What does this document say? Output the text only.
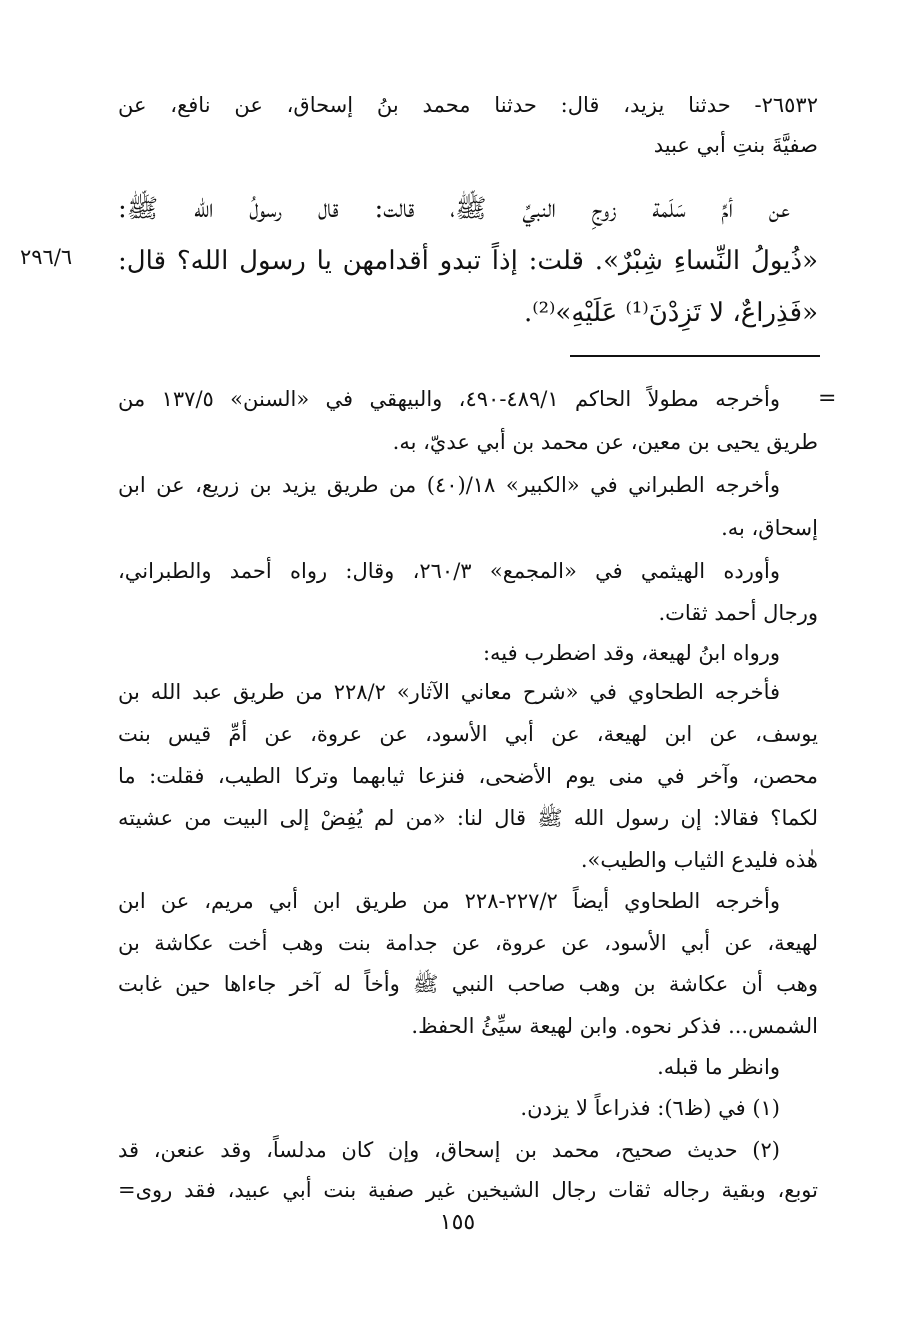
٢٦٥٣٢- حدثنا يزيد، قال: حدثنا محمد بنُ إسحاق، عن نافع، عن
صفيَّةَ بنتِ أبي عبيد
عن أمِّ سَلَمة زوجِ النبيِّ ﷺ، قالت: قال رسولُ الله ﷺ:
«ذُيولُ النِّساءِ شِبْرٌ». قلت: إذاً تبدو أقدامهن يا رسول الله؟ قال:
«فَذِراعٌ، لا تَزِدْنَ⁽¹⁾ عَلَيْهِ»⁽²⁾.
٢٩٦/٦
=
وأخرجه مطولاً الحاكم ٤٨٩/١-٤٩٠، والبيهقي في «السنن» ١٣٧/٥ من
طريق يحيى بن معين، عن محمد بن أبي عديّ، به.
وأخرجه الطبراني في «الكبير» ١٨/(٤٠) من طريق يزيد بن زريع، عن ابن
إسحاق، به.
وأورده الهيثمي في «المجمع» ٢٦٠/٣، وقال: رواه أحمد والطبراني،
ورجال أحمد ثقات.
ورواه ابنُ لهيعة، وقد اضطرب فيه:
فأخرجه الطحاوي في «شرح معاني الآثار» ٢٢٨/٢ من طريق عبد الله بن
يوسف، عن ابن لهيعة، عن أبي الأسود، عن عروة، عن أمِّ قيس بنت
محصن، وآخر في منى يوم الأضحى، فنزعا ثيابهما وتركا الطيب، فقلت: ما
لكما؟ فقالا: إن رسول الله ﷺ قال لنا: «من لم يُفِضْ إلى البيت من عشيته
هٰذه فليدع الثياب والطيب».
وأخرجه الطحاوي أيضاً ٢٢٧/٢-٢٢٨ من طريق ابن أبي مريم، عن ابن
لهيعة، عن أبي الأسود، عن عروة، عن جدامة بنت وهب أخت عكاشة بن
وهب أن عكاشة بن وهب صاحب النبي ﷺ وأخاً له آخر جاءاها حين غابت
الشمس... فذكر نحوه. وابن لهيعة سيِّئُ الحفظ.
وانظر ما قبله.
(١) في (ظ٦): فذراعاً لا يزدن.
(٢) حديث صحيح، محمد بن إسحاق، وإن كان مدلساً، وقد عنعن، قد
توبع، وبقية رجاله ثقات رجال الشيخين غير صفية بنت أبي عبيد، فقد روى=
١٥٥
